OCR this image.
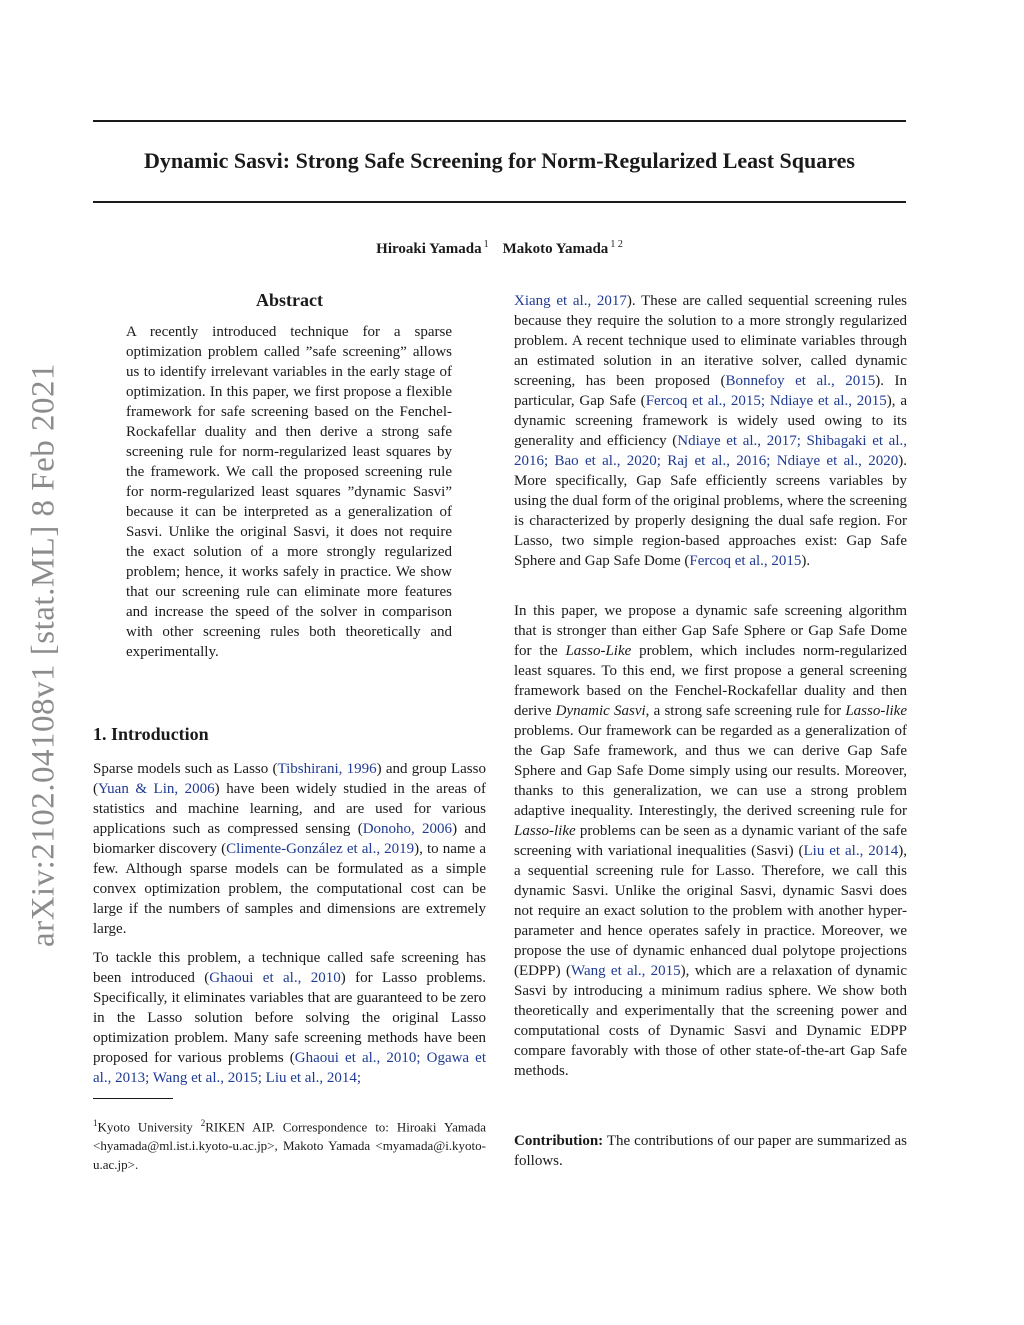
Dynamic Sasvi: Strong Safe Screening for Norm-Regularized Least Squares
Hiroaki Yamada $^1$ Makoto Yamada $^{1 2}$
arXiv:2102.04108v1 [stat.ML] 8 Feb 2021
Abstract
A recently introduced technique for a sparse optimization problem called ”safe screening” allows us to identify irrelevant variables in the early stage of optimization. In this paper, we first propose a flexible framework for safe screening based on the Fenchel-Rockafellar duality and then derive a strong safe screening rule for norm-regularized least squares by the framework. We call the proposed screening rule for norm-regularized least squares ”dynamic Sasvi” because it can be interpreted as a generalization of Sasvi. Unlike the original Sasvi, it does not require the exact solution of a more strongly regularized problem; hence, it works safely in practice. We show that our screening rule can eliminate more features and increase the speed of the solver in comparison with other screening rules both theoretically and experimentally.
1. Introduction

Sparse models such as Lasso (Tibshirani, 1996) and group Lasso (Yuan & Lin, 2006) have been widely studied in the areas of statistics and machine learning, and are used for various applications such as compressed sensing (Donoho, 2006) and biomarker discovery (Climente-González et al., 2019), to name a few. Although sparse models can be formulated as a simple convex optimization problem, the computational cost can be large if the numbers of samples and dimensions are extremely large.

To tackle this problem, a technique called safe screening has been introduced (Ghaoui et al., 2010) for Lasso problems. Specifically, it eliminates variables that are guaranteed to be zero in the Lasso solution before solving the original Lasso optimization problem. Many safe screening methods have been proposed for various problems (Ghaoui et al., 2010; Ogawa et al., 2013; Wang et al., 2015; Liu et al., 2014;

$^1$Kyoto University $^2$RIKEN AIP. Correspondence to: Hiroaki Yamada <hyamada@ml.ist.i.kyoto-u.ac.jp>, Makoto Yamada <myamada@i.kyoto-u.ac.jp>.

Xiang et al., 2017). These are called sequential screening rules because they require the solution to a more strongly regularized problem. A recent technique used to eliminate variables through an estimated solution in an iterative solver, called dynamic screening, has been proposed (Bonnefoy et al., 2015). In particular, Gap Safe (Fercoq et al., 2015; Ndiaye et al., 2015), a dynamic screening framework is widely used owing to its generality and efficiency (Ndiaye et al., 2017; Shibagaki et al., 2016; Bao et al., 2020; Raj et al., 2016; Ndiaye et al., 2020). More specifically, Gap Safe efficiently screens variables by using the dual form of the original problems, where the screening is characterized by properly designing the dual safe region. For Lasso, two simple region-based approaches exist: Gap Safe Sphere and Gap Safe Dome (Fercoq et al., 2015).

In this paper, we propose a dynamic safe screening algorithm that is stronger than either Gap Safe Sphere or Gap Safe Dome for the Lasso-Like problem, which includes norm-regularized least squares. To this end, we first propose a general screening framework based on the Fenchel-Rockafellar duality and then derive Dynamic Sasvi, a strong safe screening rule for Lasso-like problems. Our framework can be regarded as a generalization of the Gap Safe framework, and thus we can derive Gap Safe Sphere and Gap Safe Dome simply using our results. Moreover, thanks to this generalization, we can use a strong problem adaptive inequality. Interestingly, the derived screening rule for Lasso-like problems can be seen as a dynamic variant of the safe screening with variational inequalities (Sasvi) (Liu et al., 2014), a sequential screening rule for Lasso. Therefore, we call this dynamic Sasvi. Unlike the original Sasvi, dynamic Sasvi does not require an exact solution to the problem with another hyper-parameter and hence operates safely in practice. Moreover, we propose the use of dynamic enhanced dual polytope projections (EDPP) (Wang et al., 2015), which are a relaxation of dynamic Sasvi by introducing a minimum radius sphere. We show both theoretically and experimentally that the screening power and computational costs of Dynamic Sasvi and Dynamic EDPP compare favorably with those of other state-of-the-art Gap Safe methods.

Contribution: The contributions of our paper are summarized as follows.
